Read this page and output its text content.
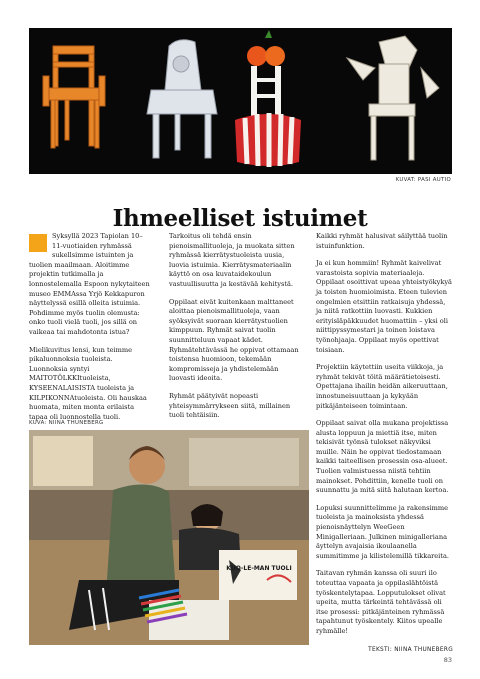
KUVAT: PASI AUTIO
Ihmeelliset istuimet

Syksyllä 2023 Tapiolan 10–11-vuotiaiden ryhmässä sukellsimme istuinten ja tuolien maailmaan. Aloitimme projektin tutkimalla ja lonnostelemalla Espoon nykytaiteen museo EMMAssa Yrjö Kekkapuron näyttelyssä esillä olleita istuimia. Pohdimme myös tuolin olemusta: onko tuoli vielä tuoli, jos sillä on vaikeaa tai mahdotonta istua?

Mielikuvitus lensi, kun teimme pikaluonnoksia tuoleista. Luonnoksia syntyi MAITOTÖLKKItuoleista, KYSEENALAISISTA tuoleista ja KILPIKONNAtuoleista. Oli hauskaa huomata, miten monta erilaista tapaa oli luonnostella tuoli.

Tarkoitus oli tehdä ensin pienoismallituoleja, ja muokata sitten ryhmässä kierrätystuoleista uusia, luovia istuimia. Kierrätysmateriaalin käyttö on osa kuvataidekoulun vastuullisuutta ja kestävää kehitystä.

Oppilaat eivät kuitenkaan malttaneet aloittaa pienoismallituoleja, vaan syöksyivät suoraan kierrätystuolien kimppuun. Ryhmät saivat tuolin suunnitteluun vapaat kädet. Ryhmätehtävässä he oppivat ottamaan toistensa huomioon, tekemään kompromisseja ja yhdistelemään luovasti ideoita.

Ryhmät päätyivät nopeasti yhteisymmärrykseen siitä, millainen tuoli tehtäisiin.

Kaikki ryhmät halusivat säilyttää tuolin istuinfunktion.

Ja ei kun hommiin! Ryhmät kaivelivat varastoista sopivia materiaaleja. Oppilaat osoittivat upeaa yhteistyökykyä ja toisten huomioimista. Eteen tulevien ongelmien etsittiin ratkaisuja yhdessä, ja niitä ratkottiin luovasti. Kukkien erityisläpäkkuudet huomattiin – yksi oli niittipyssymestari ja toinen loistava työnohjaaja. Oppilaat myös opettivat toisiaan.

Projektiin käytettiin useita viikkoja, ja ryhmät tekivät töitä määrätietoisesti. Opettajana ihailin heidän aikeruuttaan, innostuneisuuttaan ja kykyään pitkäjänteiseen toimintaan.

Oppilaat saivat olla mukana projektissa alusta loppuun ja miettiä itse, miten tekisivät työnsä tulokset näkyviksi muille. Näin he oppivat tiedostamaan kaikki taiteellisen prosessin osa-alueet. Tuolien valmistuessa niistä tehtiin mainokset. Pohdittiin, kenelle tuoli on suunnattu ja mitä siitä halutaan kertoa.

Lopuksi suunnittelimme ja rakensimme tuoleista ja mainoksista yhdessä pienoisnäyttelyn WeeGeen Minigalleriaan. Julkinen minigalleriana äyttelyn avajaisia ikoulaanella summitimme ja kilistelemillä tikkareita.

Taitavan ryhmän kanssa oli suuri ilo toteuttaa vapaata ja oppilaslähtöistä työskentelytapaa. Lopputulokset olivat upeita, mutta tärkeintä tehtävässä oli itse prosessi: pitkäjänteinen ryhmässä tapahtunut työskentely. Kiitos upealle ryhmälle!

KUVA: NIINA THUNEBERG
KUO-LE-MAN TUOLI
TEKSTI: NIINA THUNEBERG
83
